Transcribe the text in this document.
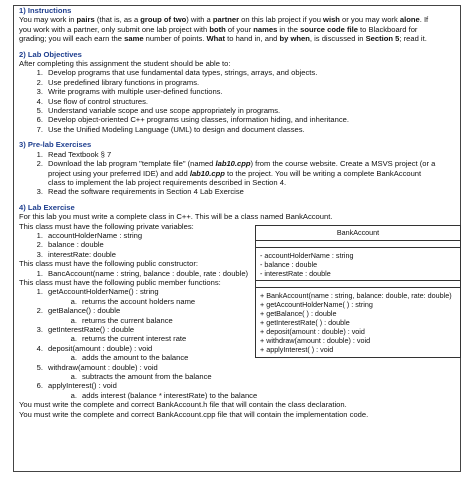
1) Instructions

You may work in pairs (that is, as a group of two) with a partner on this lab project if you wish or you may work alone. If

you work with a partner, only submit one lab project with both of your names in the source code file to Blackboard for

grading; you will each earn the same number of points. What to hand in, and by when, is discussed in Section 5; read it.

2) Lab Objectives

After completing this assignment the student should be able to:

1. Develop programs that use fundamental data types, strings, arrays, and objects.
2. Use predefined library functions in programs.
3. Write programs with multiple user-defined functions.
4. Use flow of control structures.
5. Understand variable scope and use scope appropriately in programs.
6. Develop object-oriented C++ programs using classes, information hiding, and inheritance.
7. Use the Unified Modeling Language (UML) to design and document classes.
3) Pre-lab Exercises
1. Read Textbook § 7
2. Download the lab program "template file" (named lab10.cpp) from the course website. Create a MSVS project (or a
project using your preferred IDE) and add lab10.cpp to the project. You will be writing a complete BankAccount
class to implement the lab project requirements described in Section 4.
3. Read the software requirements in Section 4 Lab Exercise
4) Lab Exercise

For this lab you must write a complete class in C++. This will be a class named BankAccount.

This class must have the following private variables:

1. accountHolderName : string
2. balance : double
3. interestRate: double

This class must have the following public constructor:

1. BancAccount(name : string, balance : double, rate : double)

This class must have the following public member functions:

1. getAccountHolderName() : string
a. returns the account holders name
2. getBalance() : double
a. returns the current balance
3. getInterestRate() : double
a. returns the current interest rate
4. deposit(amount : double) : void
a. adds the amount to the balance
5. withdraw(amount : double) : void
a. subtracts the amount from the balance
6. applyInterest() : void
a. adds interest (balance * interestRate) to the balance

You must write the complete and correct BankAccount.h file that will contain the class declaration.

You must write the complete and correct BankAccount.cpp file that will contain the implementation code.

BankAccount
- accountHolderName : string
- balance : double
- interestRate : double
+ BankAccount(name : string, balance: double, rate: double)
+ getAccountHolderName( ) : string
+ getBalance( ) : double
+ getInterestRate( ) : double
+ deposit(amount : double) : void
+ withdraw(amount : double) : void
+ applyInterest( ) : void
